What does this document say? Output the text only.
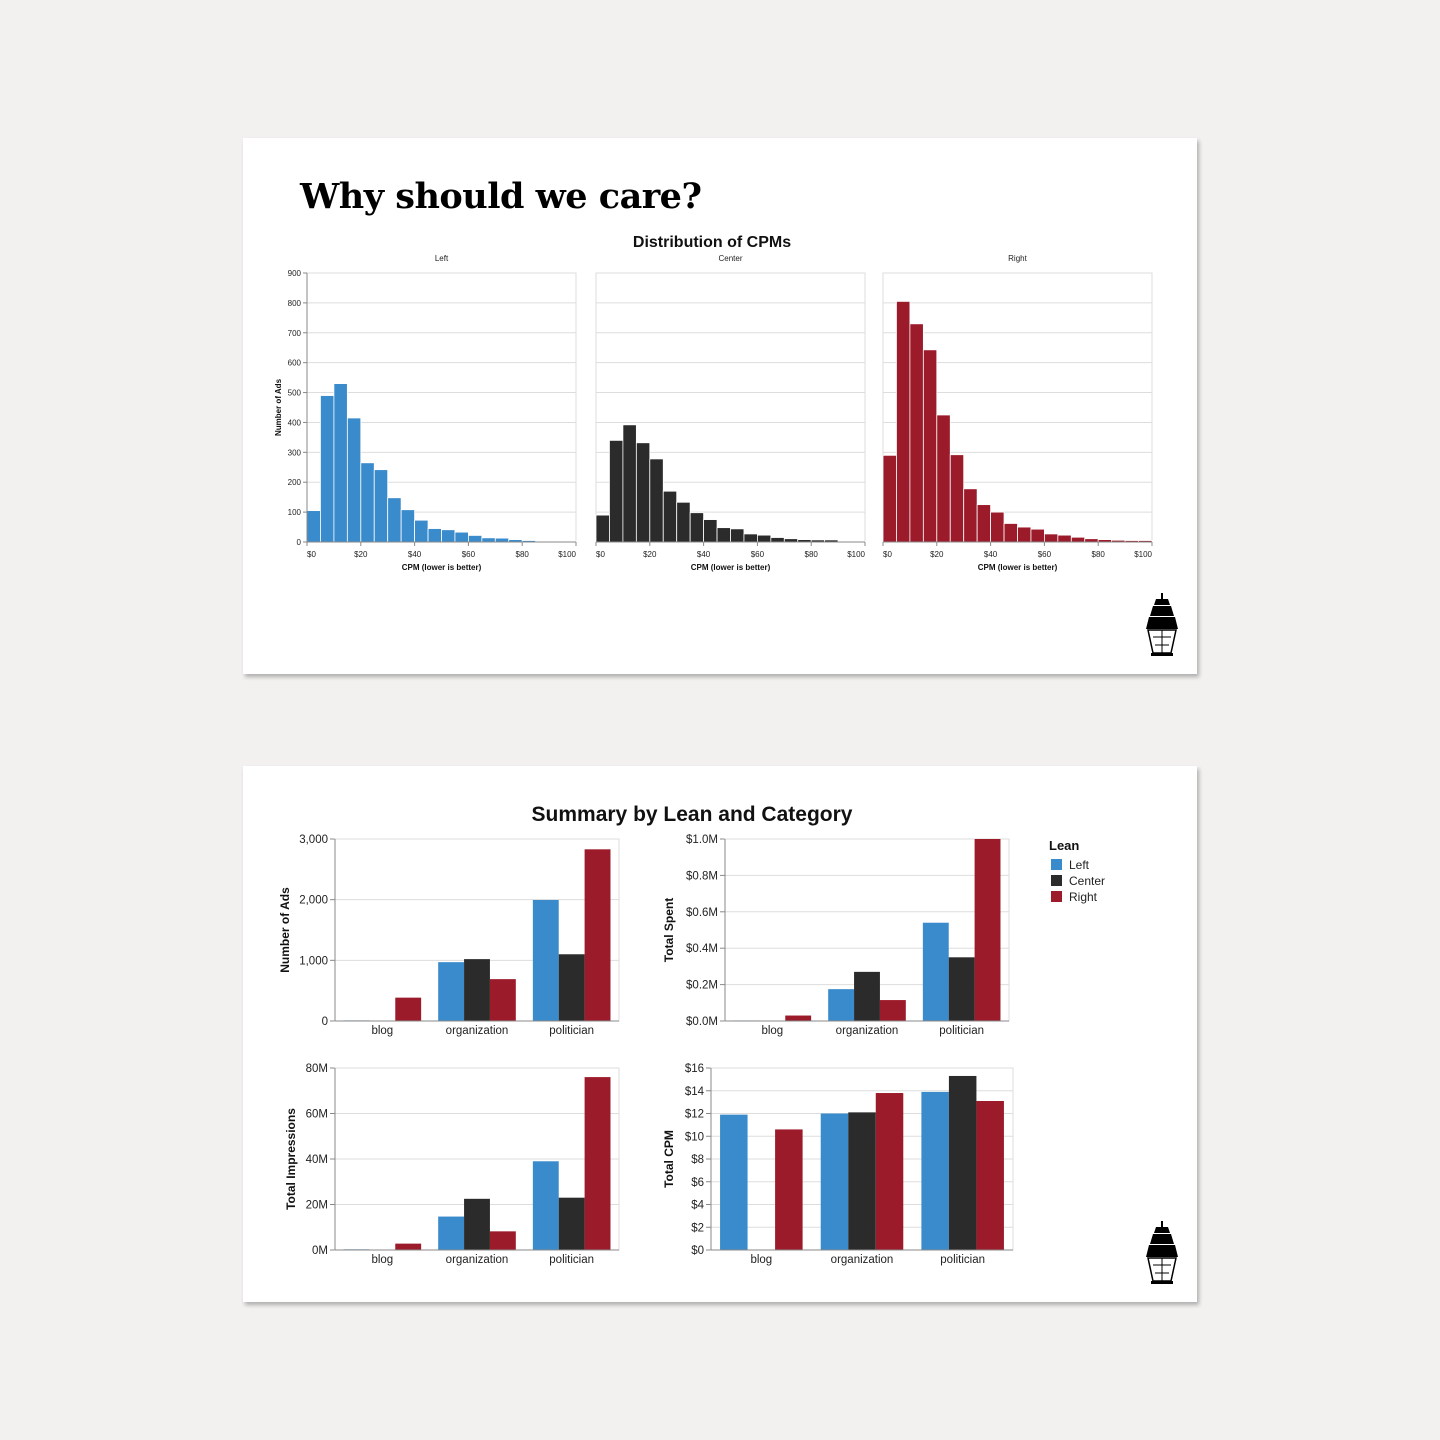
Why should we care?
Distribution of CPMs
Left
0
100
200
300
400
500
600
700
800
900
Number of Ads
$0	$20	$40	$60	$80	$100
CPM (lower is better)
Center
$0	$20	$40	$60	$80	$100
CPM (lower is better)
Right
$0	$20	$40	$60	$80	$100
CPM (lower is better)
Summary by Lean and Category
0
1,000
2,000
3,000
blog	organization	politician
Number of Ads
$0.0M
$0.2M
$0.4M
$0.6M
$0.8M
$1.0M
blog	organization	politician
Total Spent
0M
20M
40M
60M
80M
blog	organization	politician
Total Impressions
$0
$2
$4
$6
$8
$10
$12
$14
$16
blog	organization	politician
Total CPM
Lean
Left
Center
Right
